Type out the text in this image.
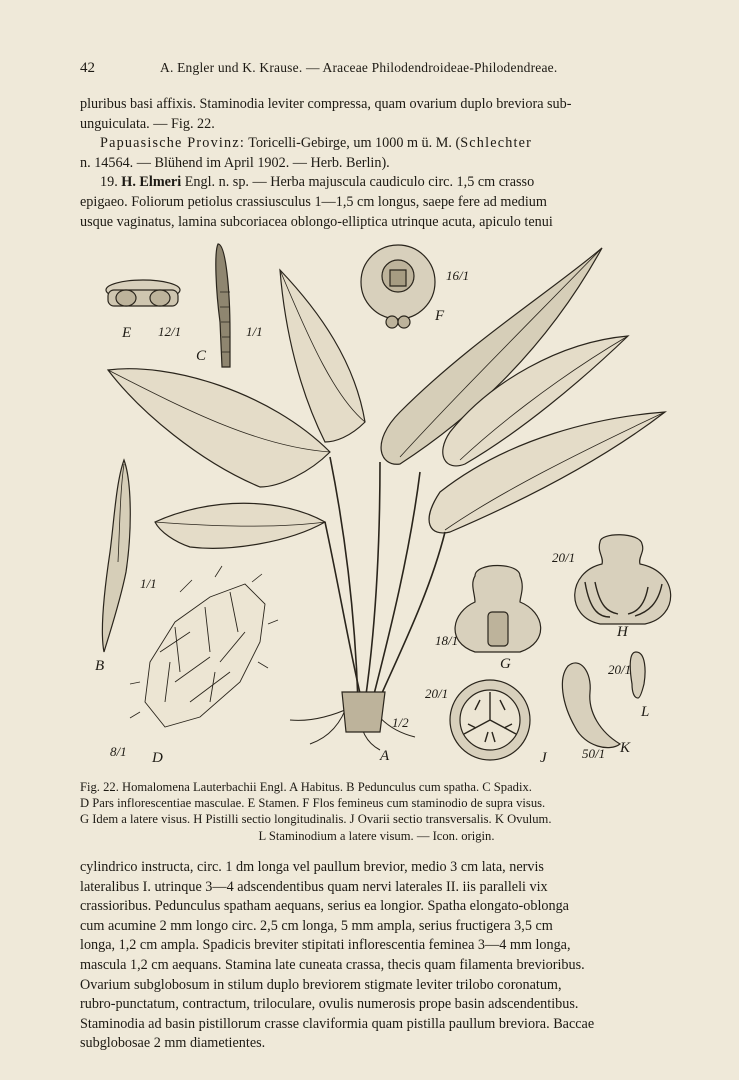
42	A. Engler und K. Krause. — Araceae Philodendroideae-Philodendreae.

pluribus basi affixis. Staminodia leviter compressa, quam ovarium duplo breviora sub-

unguiculata. — Fig. 22.

Papuasische Provinz: Toricelli-Gebirge, um 1000 m ü. M. (Schlechter

n. 14564. — Blühend im April 1902. — Herb. Berlin).

19. H. Elmeri Engl. n. sp. — Herba majuscula caudiculo circ. 1,5 cm crasso

epigaeo. Foliorum petiolus crassiusculus 1—1,5 cm longus, saepe fere ad medium

usque vaginatus, lamina subcoriacea oblongo-elliptica utrinque acuta, apiculo tenui

E
C
F
A
B
D
G
H
J
K
L
12/1	1/1
16/1
1/2
1/1
8/1
18/1
20/1
20/1
50/1
20/1

Fig. 22. Homalomena Lauterbachii Engl. A Habitus. B Pedunculus cum spatha. C Spadix.

D Pars inflorescentiae masculae. E Stamen. F Flos femineus cum staminodio de supra visus.

G Idem a latere visus. H Pistilli sectio longitudinalis. J Ovarii sectio transversalis. K Ovulum.

L Staminodium a latere visum. — Icon. origin.

cylindrico instructa, circ. 1 dm longa vel paullum brevior, medio 3 cm lata, nervis

lateralibus I. utrinque 3—4 adscendentibus quam nervi laterales II. iis paralleli vix

crassioribus. Pedunculus spatham aequans, serius ea longior. Spatha elongato-oblonga

cum acumine 2 mm longo circ. 2,5 cm longa, 5 mm ampla, serius fructigera 3,5 cm

longa, 1,2 cm ampla. Spadicis breviter stipitati inflorescentia feminea 3—4 mm longa,

mascula 1,2 cm aequans. Stamina late cuneata crassa, thecis quam filamenta brevioribus.

Ovarium subglobosum in stilum duplo breviorem stigmate leviter trilobo coronatum,

rubro-punctatum, contractum, triloculare, ovulis numerosis prope basin adscendentibus.

Staminodia ad basin pistillorum crasse claviformia quam pistilla paullum breviora. Baccae

subglobosae 2 mm diametientes.
